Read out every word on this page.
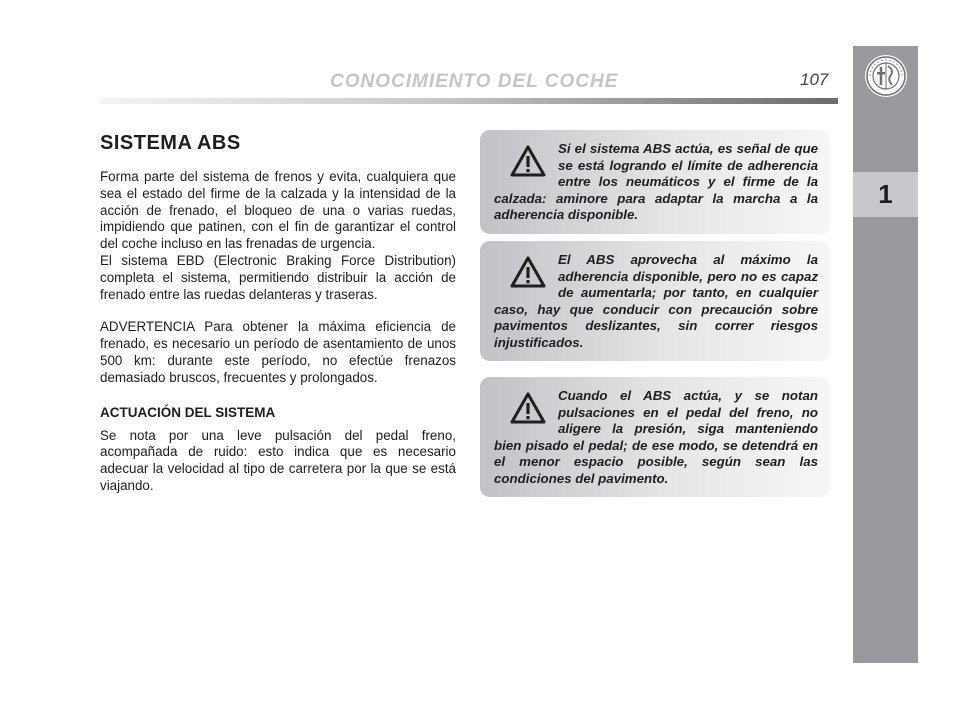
CONOCIMIENTO DEL COCHE	107
1
SISTEMA ABS

Forma parte del sistema de frenos y evita, cualquiera que sea el estado del firme de la calzada y la intensidad de la acción de frenado, el bloqueo de una o varias ruedas, impidiendo que patinen, con el fin de garantizar el control del coche incluso en las frenadas de urgencia.

El sistema EBD (Electronic Braking Force Distribution) completa el sistema, permitiendo distribuir la acción de frenado entre las ruedas delanteras y traseras.

ADVERTENCIA Para obtener la máxima eficiencia de frenado, es necesario un período de asentamiento de unos 500 km: durante este período, no efectúe frenazos demasiado bruscos, frecuentes y prolongados.

ACTUACIÓN DEL SISTEMA

Se nota por una leve pulsación del pedal freno, acompañada de ruido: esto indica que es necesario adecuar la velocidad al tipo de carretera por la que se está viajando.

Si el sistema ABS actúa, es señal de que se está logrando el límite de adherencia entre los neumáticos y el firme de la calzada: aminore para adaptar la marcha a la adherencia disponible.

El ABS aprovecha al máximo la adherencia disponible, pero no es capaz de aumentarla; por tanto, en cualquier caso, hay que conducir con precaución sobre pavimentos deslizantes, sin correr riesgos injustificados.

Cuando el ABS actúa, y se notan pulsaciones en el pedal del freno, no aligere la presión, siga manteniendo bien pisado el pedal; de ese modo, se detendrá en el menor espacio posible, según sean las condiciones del pavimento.
